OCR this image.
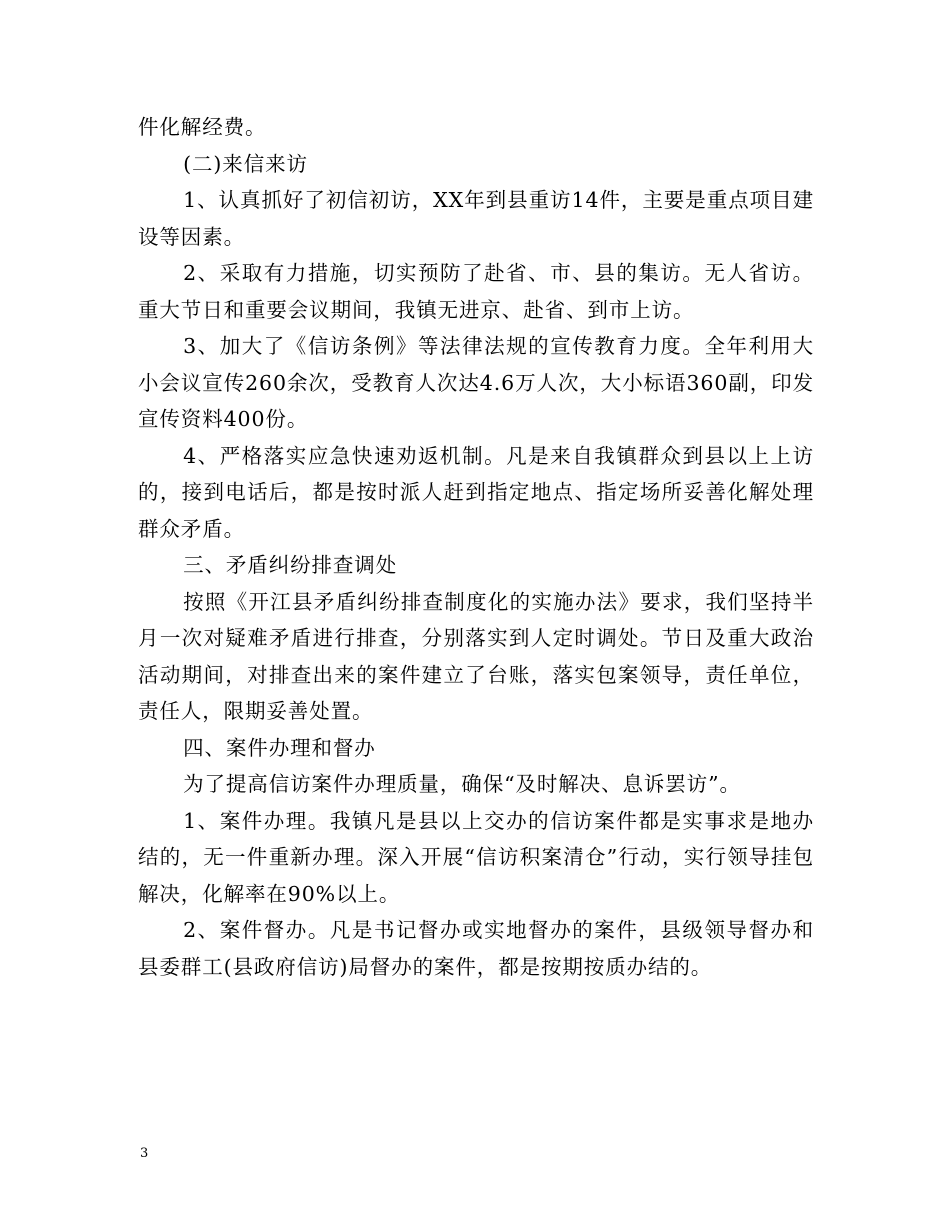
件化解经费。

(二)来信来访

1、认真抓好了初信初访，XX年到县重访14件，主要是重点项目建设等因素。

2、采取有力措施，切实预防了赴省、市、县的集访。无人省访。重大节日和重要会议期间，我镇无进京、赴省、到市上访。

3、加大了《信访条例》等法律法规的宣传教育力度。全年利用大小会议宣传260余次，受教育人次达4.6万人次，大小标语360副，印发宣传资料400份。

4、严格落实应急快速劝返机制。凡是来自我镇群众到县以上上访的，接到电话后，都是按时派人赶到指定地点、指定场所妥善化解处理群众矛盾。

三、矛盾纠纷排查调处

按照《开江县矛盾纠纷排查制度化的实施办法》要求，我们坚持半月一次对疑难矛盾进行排查，分别落实到人定时调处。节日及重大政治活动期间，对排查出来的案件建立了台账，落实包案领导，责任单位，责任人，限期妥善处置。

四、案件办理和督办

为了提高信访案件办理质量，确保“及时解决、息诉罢访”。

1、案件办理。我镇凡是县以上交办的信访案件都是实事求是地办结的，无一件重新办理。深入开展“信访积案清仓”行动，实行领导挂包解决，化解率在90%以上。

2、案件督办。凡是书记督办或实地督办的案件，县级领导督办和县委群工(县政府信访)局督办的案件，都是按期按质办结的。

3
